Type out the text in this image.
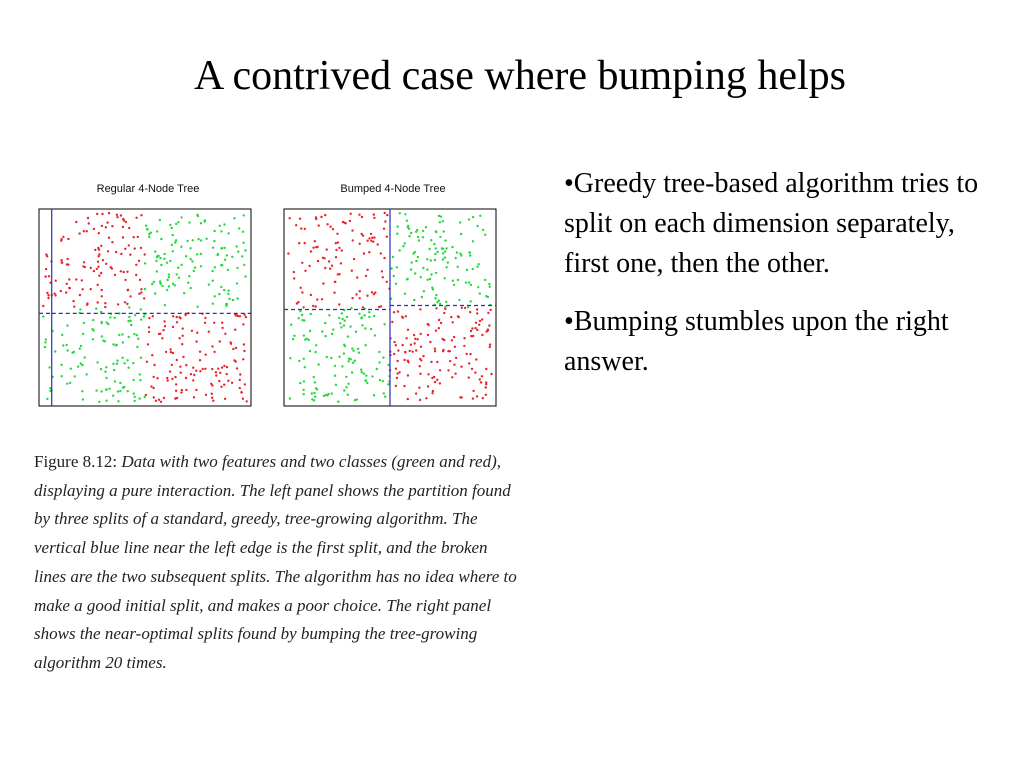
A contrived case where bumping helps
Regular 4-Node Tree	Bumped 4-Node Tree
Figure 8.12: Data with two features and two classes (green and red), displaying a pure interaction. The left panel shows the partition found by three splits of a standard, greedy, tree-growing algorithm. The vertical blue line near the left edge is the first split, and the broken lines are the two subsequent splits. The algorithm has no idea where to make a good initial split, and makes a poor choice. The right panel shows the near-optimal splits found by bumping the tree-growing algorithm 20 times.

•Greedy tree-based algorithm tries to split on each dimension separately, first one, then the other.

•Bumping stumbles upon the right answer.
